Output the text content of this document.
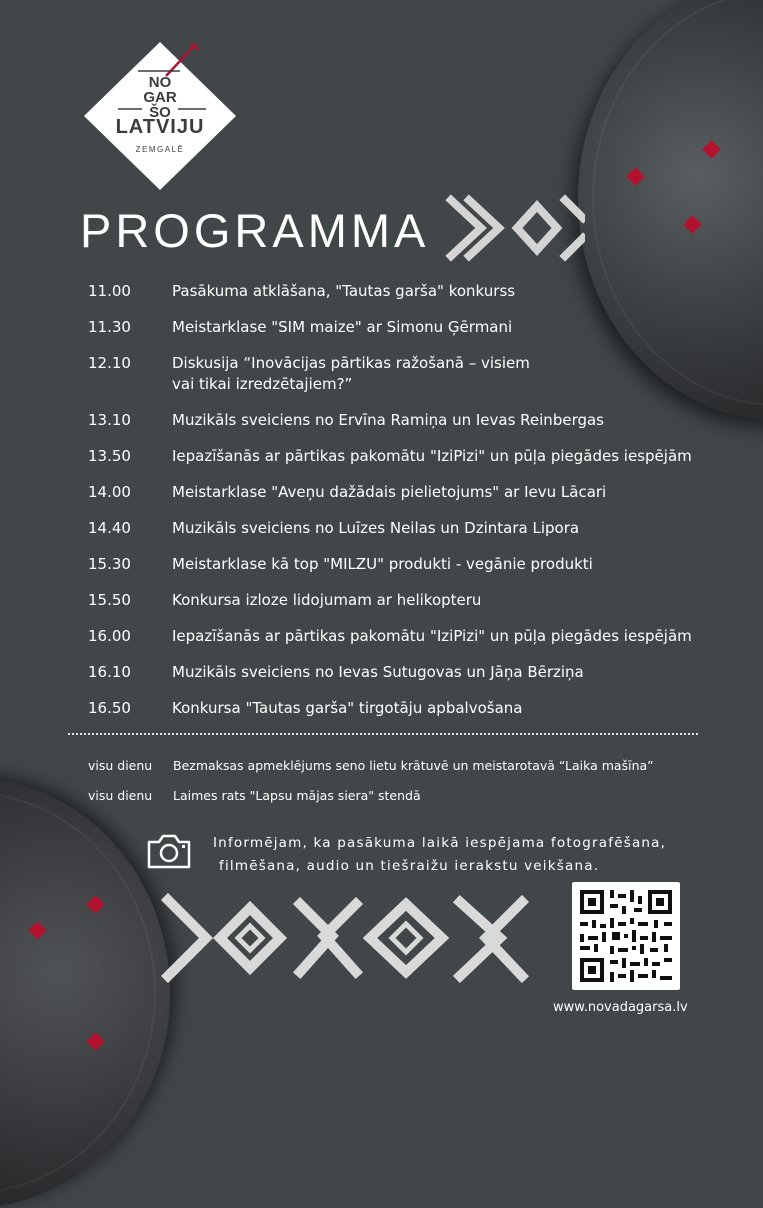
NO
GAR
ŠO
LATVIJU
ZEMGALĒ
PROGRAMMA
11.00	Pasākuma atklāšana, "Tautas garša" konkurss
11.30	Meistarklase "SIM maize" ar Simonu Ģērmani
12.10	Diskusija “Inovācijas pārtikas ražošanā – visiem
vai tikai izredzētajiem?”
13.10	Muzikāls sveiciens no Ervīna Ramiņa un Ievas Reinbergas
13.50	Iepazīšanās ar pārtikas pakomātu "IziPizi" un pūļa piegādes iespējām
14.00	Meistarklase "Aveņu dažādais pielietojums" ar Ievu Lācari
14.40	Muzikāls sveiciens no Luīzes Neilas un Dzintara Lipora
15.30	Meistarklase kā top "MILZU" produkti - vegānie produkti
15.50	Konkursa izloze lidojumam ar helikopteru
16.00	Iepazīšanās ar pārtikas pakomātu "IziPizi" un pūļa piegādes iespējām
16.10	Muzikāls sveiciens no Ievas Sutugovas un Jāņa Bērziņa
16.50	Konkursa "Tautas garša" tirgotāju apbalvošana
visu dienu	Bezmaksas apmeklējums seno lietu krātuvē un meistarotavā “Laika mašīna”
visu dienu	Laimes rats "Lapsu mājas siera" stendā
Informējam, ka pasākuma laikā iespējama fotografēšana,
filmēšana, audio un tiešraižu ierakstu veikšana.
www.novadagarsa.lv
